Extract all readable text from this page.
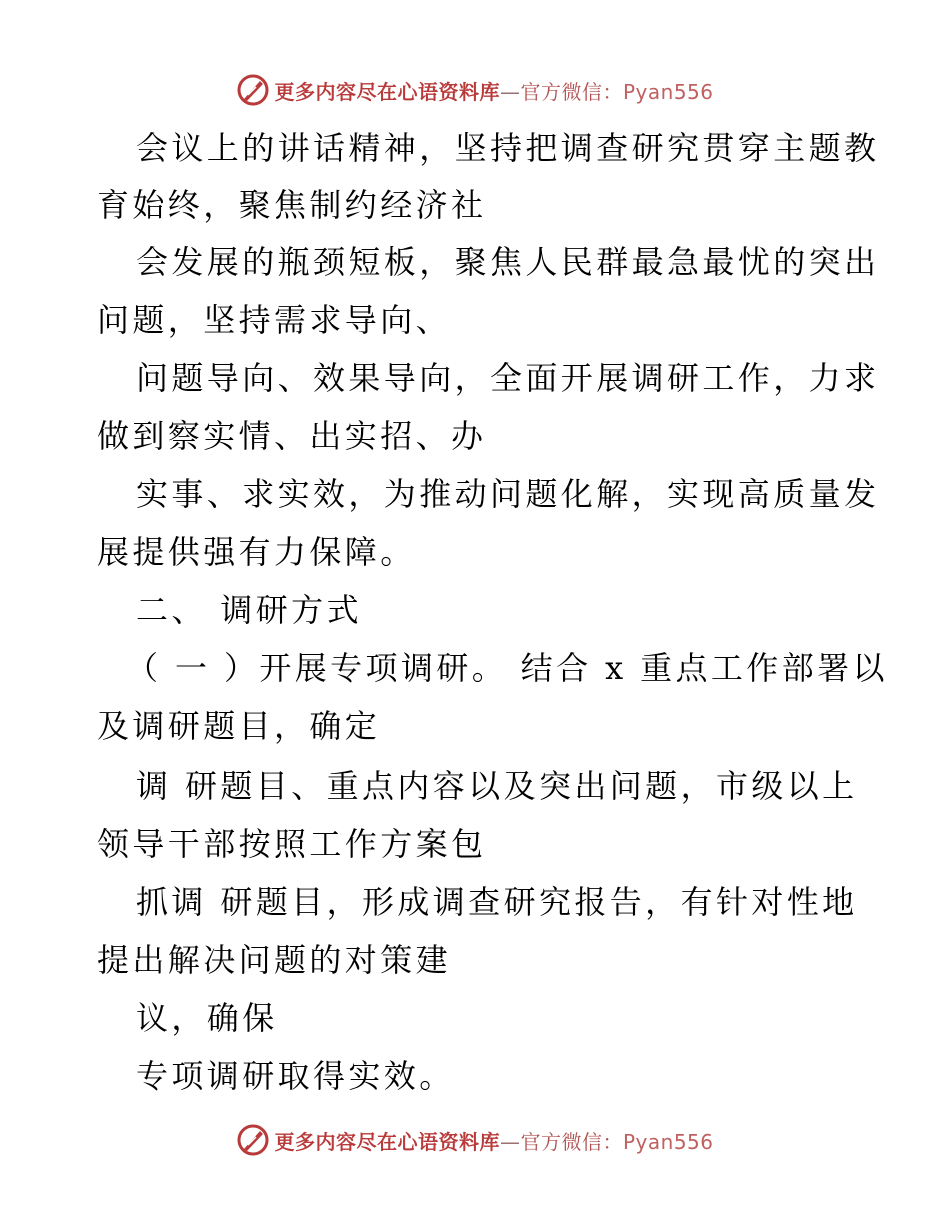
更多内容尽在心语资料库—官方微信：Pyan556
会议上的讲话精神，坚持把调查研究贯穿主题教
育始终，聚焦制约经济社
会发展的瓶颈短板，聚焦人民群最急最忧的突出
问题，坚持需求导向、
问题导向、效果导向，全面开展调研工作，力求
做到察实情、出实招、办
实事、求实效，为推动问题化解，实现高质量发
展提供强有力保障。
二、 调研方式
（ 一 ）开展专项调研。 结合 x 重点工作部署以
及调研题目，确定
调 研题目、重点内容以及突出问题，市级以上
领导干部按照工作方案包
抓调 研题目，形成调查研究报告，有针对性地
提出解决问题的对策建
议，确保
专项调研取得实效。
更多内容尽在心语资料库—官方微信：Pyan556
